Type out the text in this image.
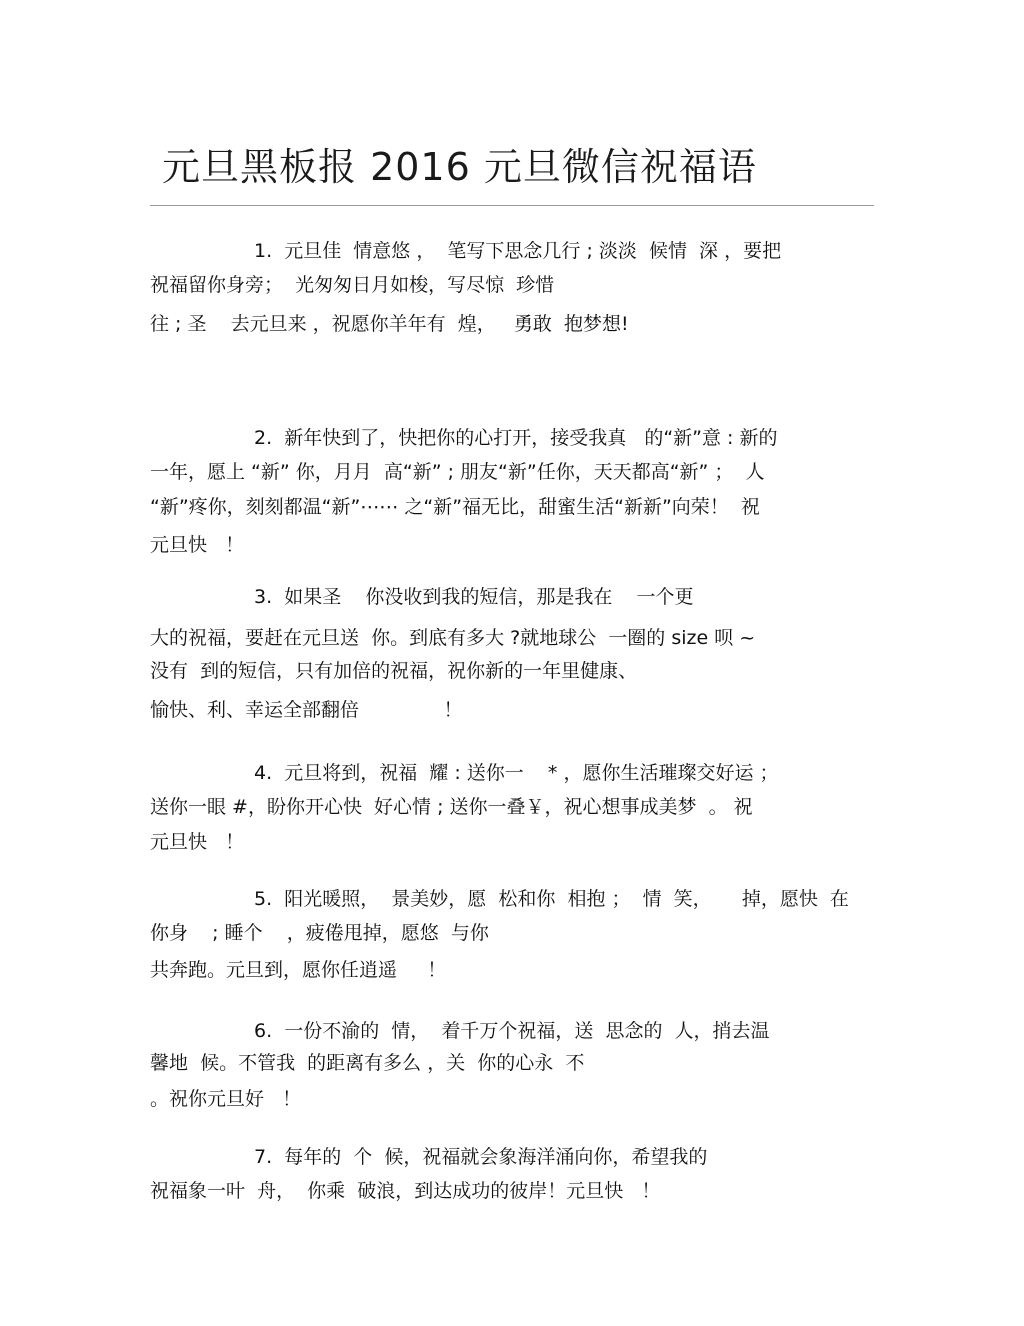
元旦黑板报 2016 元旦微信祝福语
1.  元旦佳  情意悠 ，  笔写下思念几行 ; 淡淡  候情  深 ，要把
祝福留你身旁；  光匆匆日月如梭，写尽惊  珍惜
往 ; 圣    去元旦来 ，祝愿你羊年有  煌，   勇敢  抱梦想!
2.  新年快到了，快把你的心打开，接受我真   的“新”意 : 新的
一年，愿上 “新” 你，月月  高“新” ; 朋友“新”任你，天天都高“新” ；  人
“新”疼你，刻刻都温“新”⋯⋯ 之“新”福无比，甜蜜生活“新新”向荣！  祝
元旦快   ！
3.  如果圣    你没收到我的短信，那是我在    一个更
大的祝福，要赶在元旦送  你。到底有多大 ?就地球公  一圈的 size 呗 ~
没有  到的短信，只有加倍的祝福，祝你新的一年里健康、
愉快、利、幸运全部翻倍              ！
4.  元旦将到，祝福  耀 : 送你一    * ，愿你生活璀璨交好运 ；
送你一眼 #，盼你开心快  好心情 ; 送你一叠￥，祝心想事成美梦  。 祝
元旦快   ！
5.  阳光暖照，  景美妙，愿  松和你  相抱 ；  情  笑，     掉，愿快  在
你身    ; 睡个    ，疲倦甩掉，愿悠  与你
共奔跑。元旦到，愿你任逍遥     ！
6.  一份不渝的  情，  着千万个祝福，送  思念的  人，捎去温
馨地  候。不管我  的距离有多么 ，关  你的心永  不
。祝你元旦好   ！
7.  每年的  个  候，祝福就会象海洋涌向你，希望我的
祝福象一叶  舟，  你乘  破浪，到达成功的彼岸！元旦快   ！
